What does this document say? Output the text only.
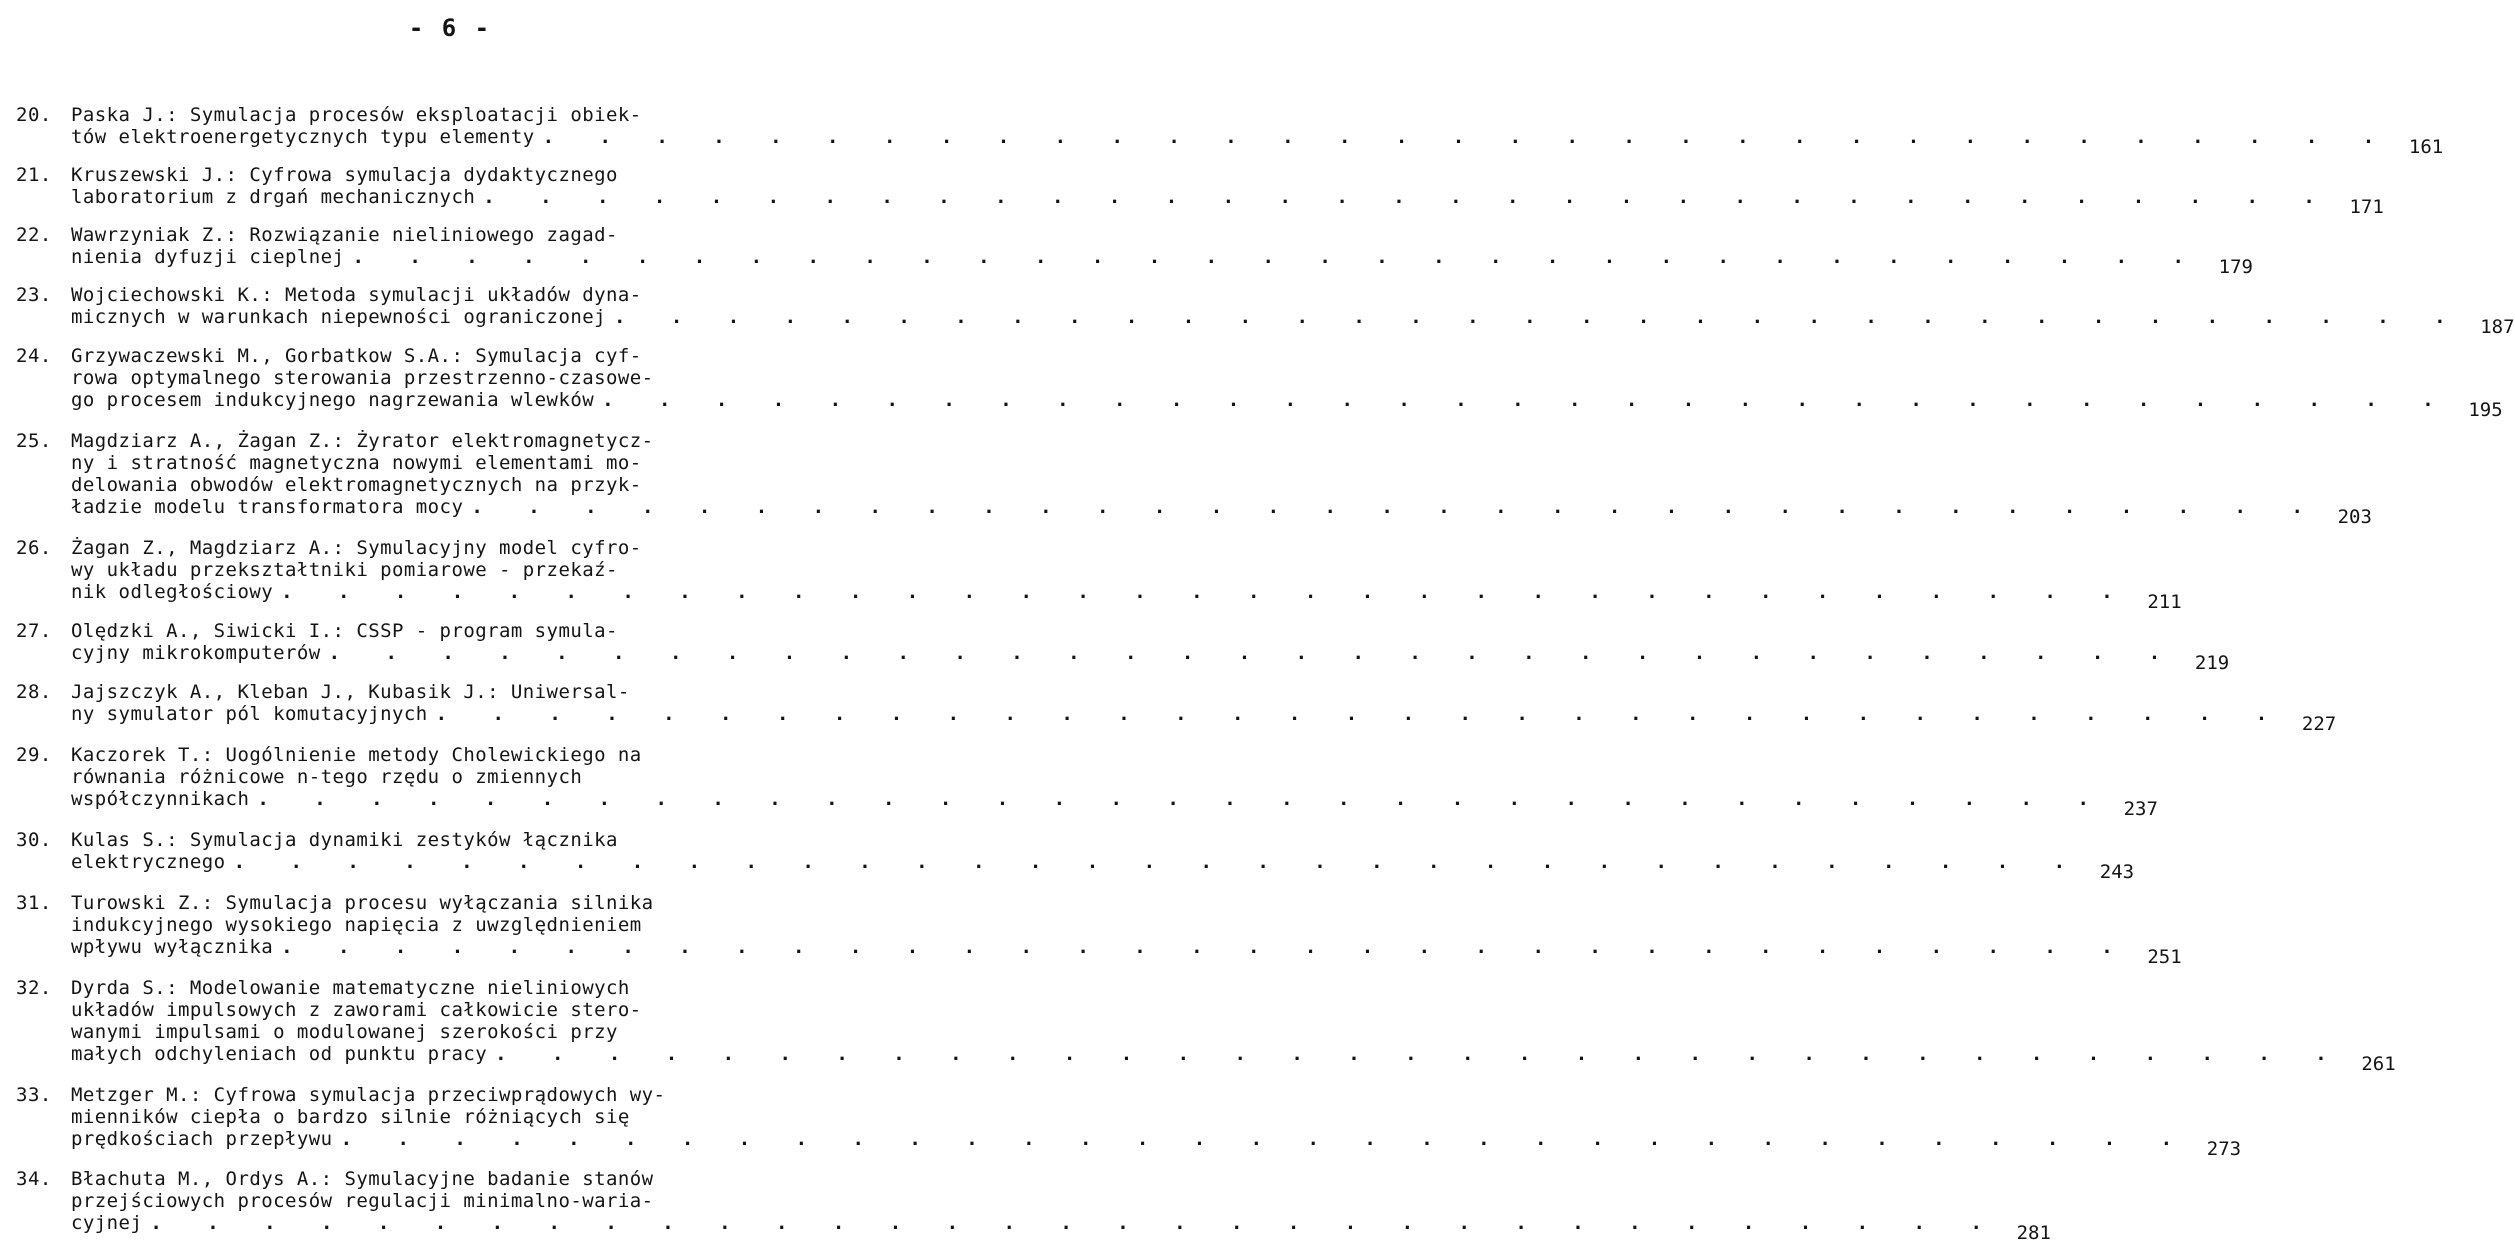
- 6 -
20.	Paska J.: Symulacja procesów eksploatacji obiek-
tów elektroenergetycznych typu elementy . . . . . . . . . . . . . . . . . . . . . . . . . . . . . . . . . 161
21.	Kruszewski J.: Cyfrowa symulacja dydaktycznego
laboratorium z drgań mechanicznych . . . . . . . . . . . . . . . . . . . . . . . . . . . . . . . . . 171
22.	Wawrzyniak Z.: Rozwiązanie nieliniowego zagad-
nienia dyfuzji cieplnej . . . . . . . . . . . . . . . . . . . . . . . . . . . . . . . . . 179
23.	Wojciechowski K.: Metoda symulacji układów dyna-
micznych w warunkach niepewności ograniczonej . . . . . . . . . . . . . . . . . . . . . . . . . . . . . . . . . 187
24.	Grzywaczewski M., Gorbatkow S.A.: Symulacja cyf-
rowa optymalnego sterowania przestrzenno-czasowe-
go procesem indukcyjnego nagrzewania wlewków . . . . . . . . . . . . . . . . . . . . . . . . . . . . . . . . . 195
25.	Magdziarz A., Żagan Z.: Żyrator elektromagnetycz-
ny i stratność magnetyczna nowymi elementami mo-
delowania obwodów elektromagnetycznych na przyk-
ładzie modelu transformatora mocy . . . . . . . . . . . . . . . . . . . . . . . . . . . . . . . . . 203
26.	Żagan Z., Magdziarz A.: Symulacyjny model cyfro-
wy układu przekształtniki pomiarowe - przekaź-
nik odległościowy . . . . . . . . . . . . . . . . . . . . . . . . . . . . . . . . . 211
27.	Olędzki A., Siwicki I.: CSSP - program symula-
cyjny mikrokomputerów . . . . . . . . . . . . . . . . . . . . . . . . . . . . . . . . . 219
28.	Jajszczyk A., Kleban J., Kubasik J.: Uniwersal-
ny symulator pól komutacyjnych . . . . . . . . . . . . . . . . . . . . . . . . . . . . . . . . . 227
29.	Kaczorek T.: Uogólnienie metody Cholewickiego na
równania różnicowe n-tego rzędu o zmiennych
współczynnikach . . . . . . . . . . . . . . . . . . . . . . . . . . . . . . . . . 237
30.	Kulas S.: Symulacja dynamiki zestyków łącznika
elektrycznego . . . . . . . . . . . . . . . . . . . . . . . . . . . . . . . . . 243
31.	Turowski Z.: Symulacja procesu wyłączania silnika
indukcyjnego wysokiego napięcia z uwzględnieniem
wpływu wyłącznika . . . . . . . . . . . . . . . . . . . . . . . . . . . . . . . . . 251
32.	Dyrda S.: Modelowanie matematyczne nieliniowych
układów impulsowych z zaworami całkowicie stero-
wanymi impulsami o modulowanej szerokości przy
małych odchyleniach od punktu pracy . . . . . . . . . . . . . . . . . . . . . . . . . . . . . . . . . 261
33.	Metzger M.: Cyfrowa symulacja przeciwprądowych wy-
mienników ciepła o bardzo silnie różniących się
prędkościach przepływu . . . . . . . . . . . . . . . . . . . . . . . . . . . . . . . . . 273
34.	Błachuta M., Ordys A.: Symulacyjne badanie stanów
przejściowych procesów regulacji minimalno-waria-
cyjnej . . . . . . . . . . . . . . . . . . . . . . . . . . . . . . . . . 281
